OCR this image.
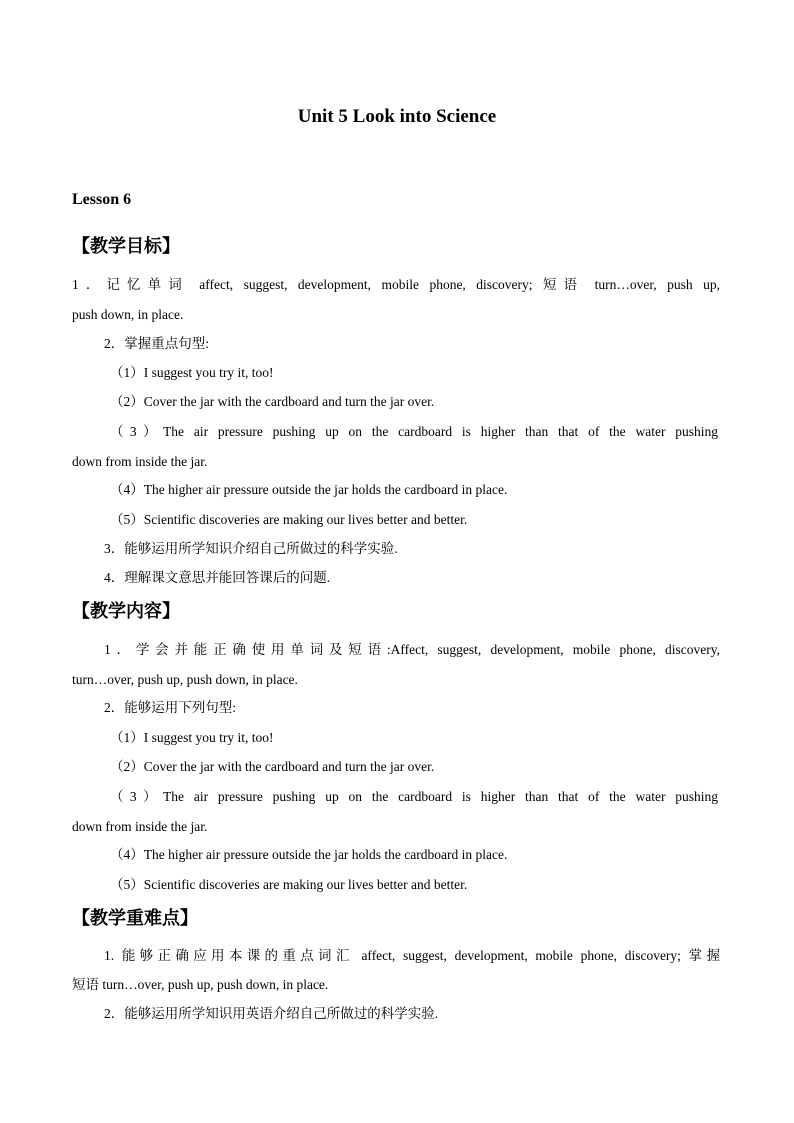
Unit 5 Look into Science
Lesson 6
【教学目标】
1．记忆单词 affect, suggest, development, mobile phone, discovery; 短语 turn…over, push up,
push down, in place.
2．掌握重点句型:
（1）I suggest you try it, too!
（2）Cover the jar with the cardboard and turn the jar over.
（3）The air pressure pushing up on the cardboard is higher than that of the water pushing
down from inside the jar.
（4）The higher air pressure outside the jar holds the cardboard in place.
（5）Scientific discoveries are making our lives better and better.
3．能够运用所学知识介绍自己所做过的科学实验.
4．理解课文意思并能回答课后的问题.
【教学内容】
1．学会并能正确使用单词及短语:Affect, suggest, development, mobile phone, discovery,
turn…over, push up, push down, in place.
2．能够运用下列句型:
（1）I suggest you try it, too!
（2）Cover the jar with the cardboard and turn the jar over.
（3）The air pressure pushing up on the cardboard is higher than that of the water pushing
down from inside the jar.
（4）The higher air pressure outside the jar holds the cardboard in place.
（5）Scientific discoveries are making our lives better and better.
【教学重难点】
1. 能够正确应用本课的重点词汇 affect, suggest, development, mobile phone, discovery; 掌握
短语 turn…over, push up, push down, in place.
2．能够运用所学知识用英语介绍自己所做过的科学实验.
